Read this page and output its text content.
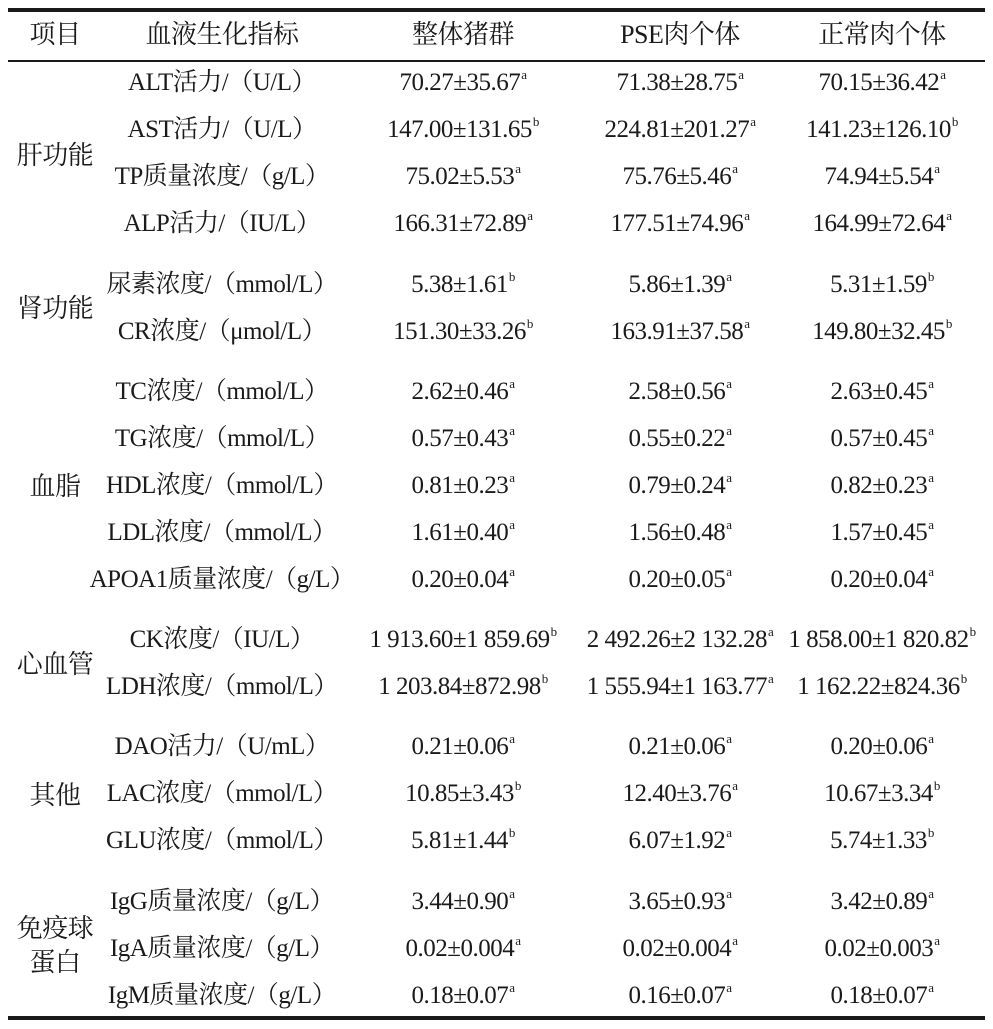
项目 血液生化指标	整体猪群	PSE肉个体	正常肉个体
肝功能
ALT活力/（U/L）	70.27±35.67$^a$	71.38±28.75$^a$	70.15±36.42$^a$
AST活力/（U/L）	147.00±131.65$^b$	224.81±201.27$^a$ 141.23±126.10$^b$
TP质量浓度/（g/L）	75.02±5.53$^a$	75.76±5.46$^a$	74.94±5.54$^a$
ALP活力/（IU/L）	166.31±72.89$^a$	177.51±74.96$^a$	164.99±72.64$^a$
肾功能
尿素浓度/（mmol/L）	5.38±1.61$^b$	5.86±1.39$^a$	5.31±1.59$^b$
CR浓度/（μmol/L）	151.30±33.26$^b$	163.91±37.58$^a$	149.80±32.45$^b$
血脂
TC浓度/（mmol/L）	2.62±0.46$^a$	2.58±0.56$^a$	2.63±0.45$^a$
TG浓度/（mmol/L）	0.57±0.43$^a$	0.55±0.22$^a$	0.57±0.45$^a$
HDL浓度/（mmol/L）	0.81±0.23$^a$	0.79±0.24$^a$	0.82±0.23$^a$
LDL浓度/（mmol/L）	1.61±0.40$^a$	1.56±0.48$^a$	1.57±0.45$^a$
APOA1质量浓度/（g/L） 0.20±0.04$^a$	0.20±0.05$^a$	0.20±0.04$^a$
心血管
CK浓度/（IU/L） 1 913.60±1 859.69$^b$ 2 492.26±2 132.28$^a$ 1 858.00±1 820.82$^b$
LDH浓度/（mmol/L） 1 203.84±872.98$^b$ 1 555.94±1 163.77$^a$ 1 162.22±824.36$^b$
其他
DAO活力/（U/mL）	0.21±0.06$^a$	0.21±0.06$^a$	0.20±0.06$^a$
LAC浓度/（mmol/L）	10.85±3.43$^b$	12.40±3.76$^a$	10.67±3.34$^b$
GLU浓度/（mmol/L）	5.81±1.44$^b$	6.07±1.92$^a$	5.74±1.33$^b$
免疫球蛋白
IgG质量浓度/（g/L）	3.44±0.90$^a$	3.65±0.93$^a$	3.42±0.89$^a$
IgA质量浓度/（g/L）	0.02±0.004$^a$	0.02±0.004$^a$	0.02±0.003$^a$
IgM质量浓度/（g/L）	0.18±0.07$^a$	0.16±0.07$^a$	0.18±0.07$^a$
